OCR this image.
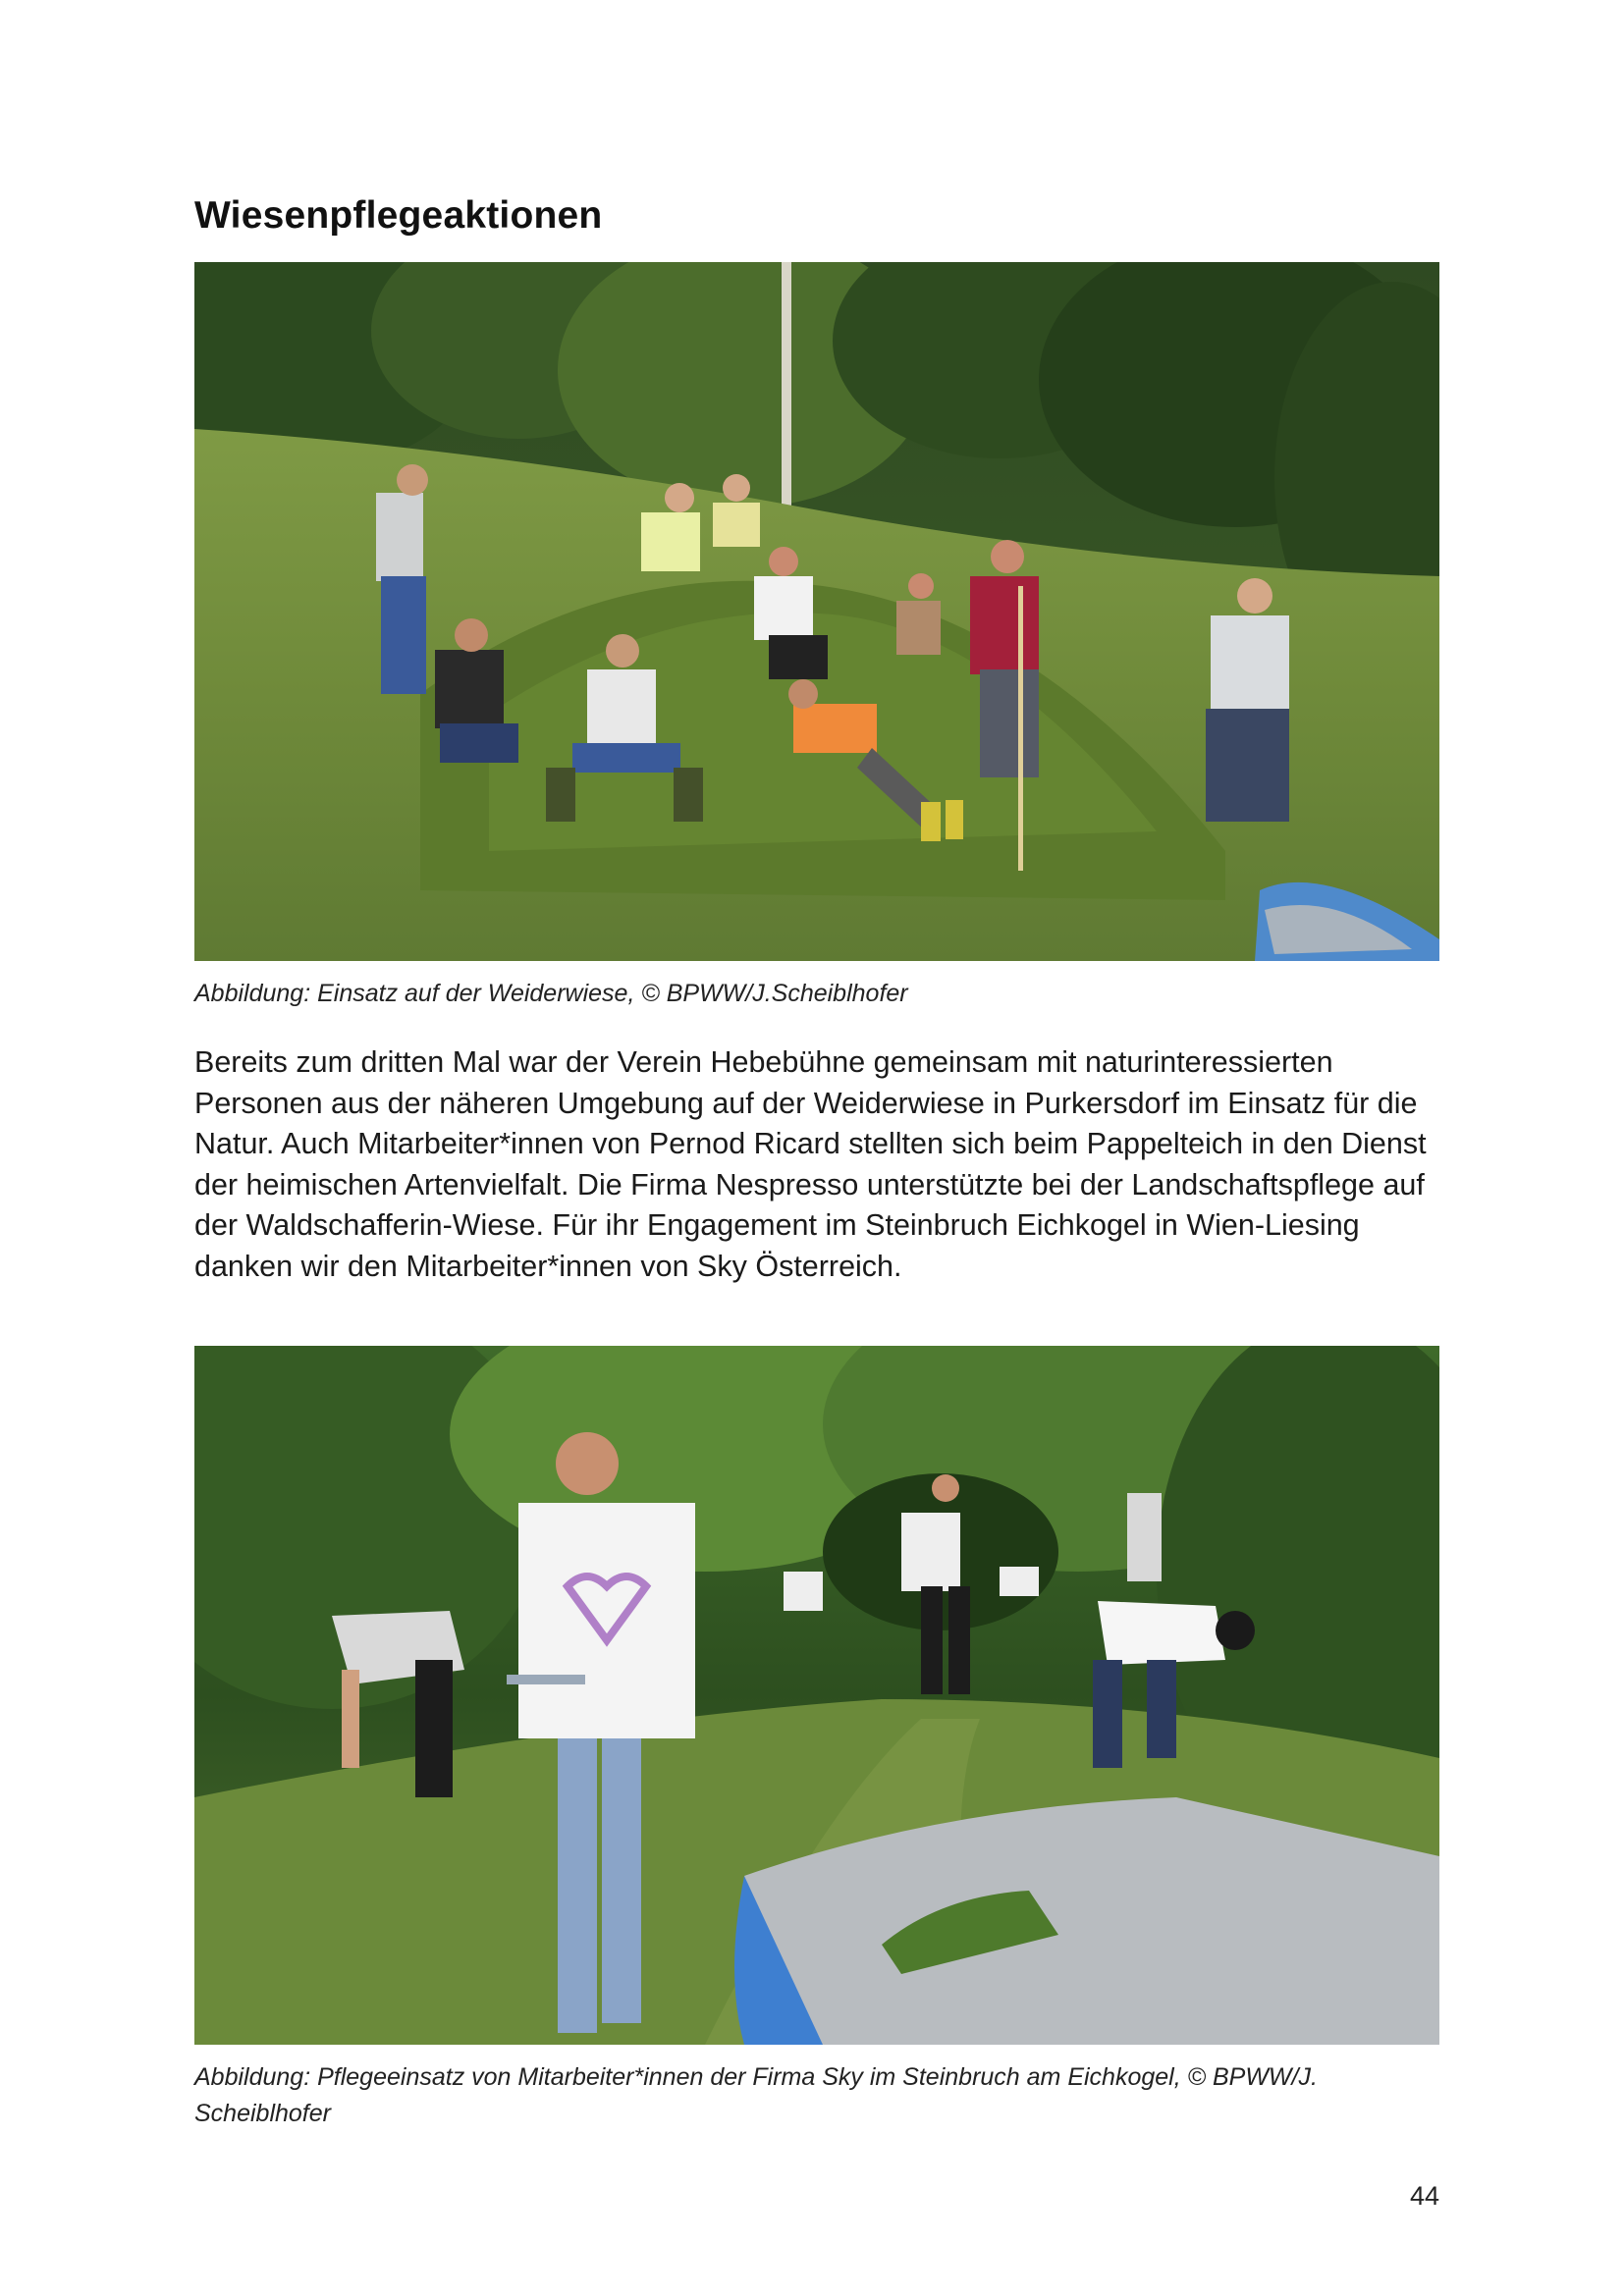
Wiesenpflegeaktionen

Abbildung: Einsatz auf der Weiderwiese, © BPWW/J.Scheiblhofer

Bereits zum dritten Mal war der Verein Hebebühne gemeinsam mit naturinteressierten Personen aus der näheren Umgebung auf der Weiderwiese in Purkersdorf im Einsatz für die Natur. Auch Mitarbeiter*innen von Pernod Ricard stellten sich beim Pappelteich in den Dienst der heimischen Artenvielfalt. Die Firma Nespresso unterstützte bei der Landschaftspflege auf der Waldschafferin-Wiese. Für ihr Engagement im Steinbruch Eichkogel in Wien-Liesing danken wir den Mitarbeiter*innen von Sky Österreich.

Abbildung: Pflegeeinsatz von Mitarbeiter*innen der Firma Sky im Steinbruch am Eichkogel, © BPWW/J. Scheiblhofer

44
